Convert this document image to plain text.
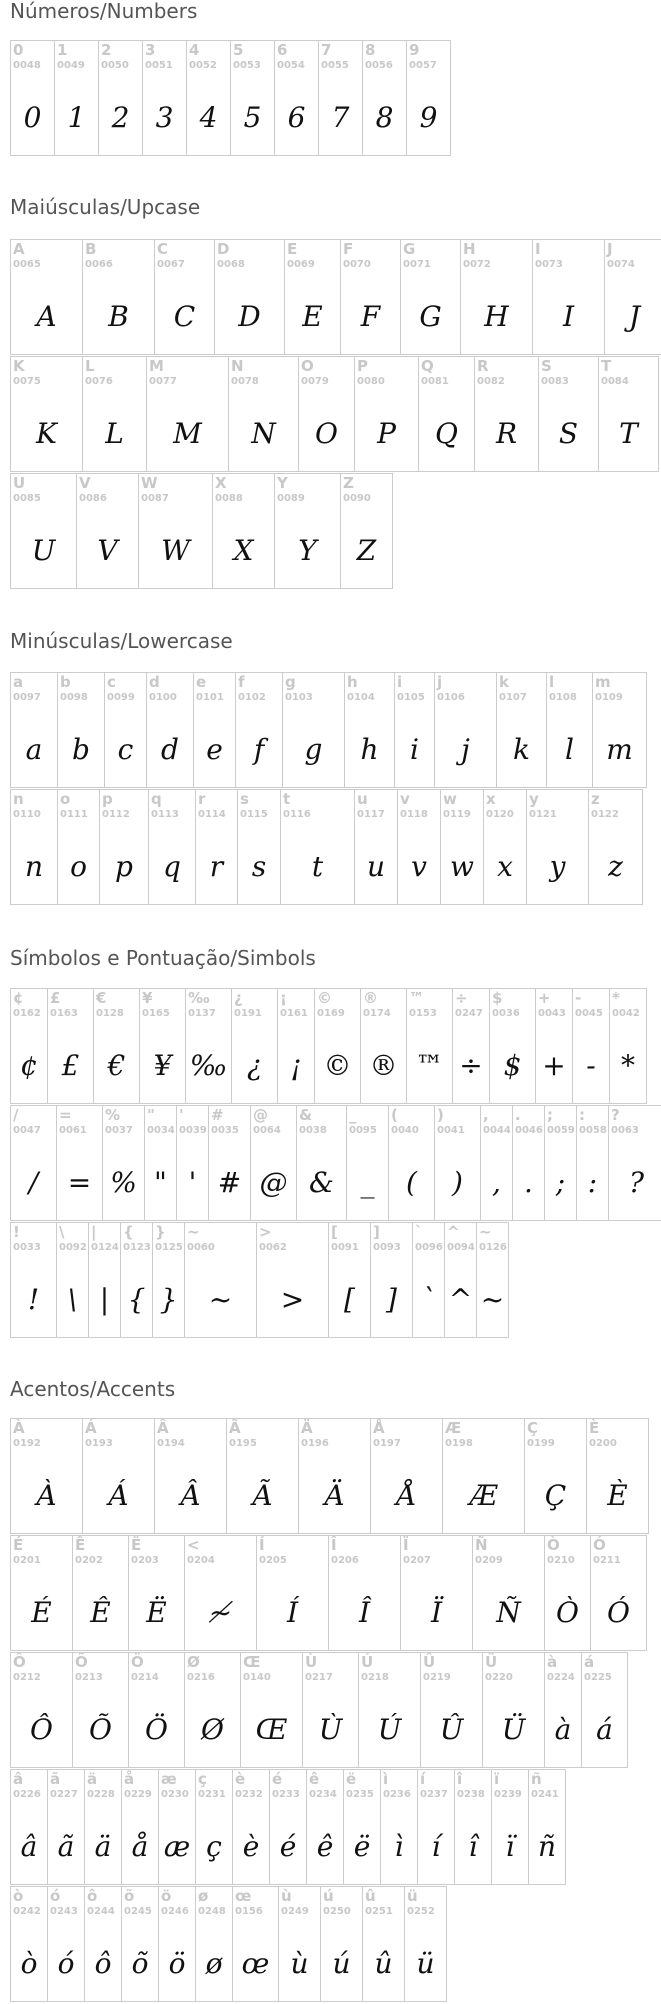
Números/Numbers
0
0048
0
1
0049
1
2
0050
2
3
0051
3
4
0052
4
5
0053
5
6
0054
6
7
0055
7
8
0056
8
9
0057
9
Maiúsculas/Upcase
A
0065
A
B
0066
B
C
0067
C
D
0068
D
E
0069
E
F
0070
F
G
0071
G
H
0072
H
I
0073
I
J
0074
J
K
0075
K
L
0076
L
M
0077
M
N
0078
N
O
0079
O
P
0080
P
Q
0081
Q
R
0082
R
S
0083
S
T
0084
T
U
0085
U
V
0086
V
W
0087
W
X
0088
X
Y
0089
Y
Z
0090
Z
Minúsculas/Lowercase
a
0097
a
b
0098
b
c
0099
c
d
0100
d
e
0101
e
f
0102
f
g
0103
g
h
0104
h
i
0105
i
j
0106
j
k
0107
k
l
0108
l
m
0109
m
n
0110
n
o
0111
o
p
0112
p
q
0113
q
r
0114
r
s
0115
s
t
0116
t
u
0117
u
v
0118
v
w
0119
w
x
0120
x
y
0121
y
z
0122
z
Símbolos e Pontuação/Simbols
¢
0162
¢
£
0163
£
€
0128
€
¥
0165
¥
‰
0137
‰
¿
0191
¿
¡
0161
¡
©
0169
©
®
0174
®
™
0153
™
÷
0247
÷
$
0036
$
+
0043
+
-
0045
-
*
0042
*
/
0047
/
=
0061
=
%
0037
%
"
0034
"
'
0039
'
#
0035
#
@
0064
@
&
0038
&
_
0095
_
(
0040
(
)
0041
)
,
0044
,
.
0046
.
;
0059
;
:
0058
:
?
0063
?
!
0033
!
\
0092
\
|
0124
|
{
0123
{
}
0125
}
~
0060
~
>
0062
>
[
0091
[
]
0093
]
`
0096
`
^
0094
^
~
0126
~
Acentos/Accents
À
0192
À
Á
0193
Á
Â
0194
Â
Ã
0195
Ã
Ä
0196
Ä
Å
0197
Å
Æ
0198
Æ
Ç
0199
Ç
È
0200
È
É
0201
É
Ê
0202
Ê
Ë
0203
Ë
<
0204
≁
Í
0205
Í
Î
0206
Î
Ï
0207
Ï
Ñ
0209
Ñ
Ò
0210
Ò
Ó
0211
Ó
Ô
0212
Ô
Õ
0213
Õ
Ö
0214
Ö
Ø
0216
Ø
Œ
0140
Œ
Ù
0217
Ù
Ú
0218
Ú
Û
0219
Û
Ü
0220
Ü
à
0224
à
á
0225
á
â
0226
â
ã
0227
ã
ä
0228
ä
å
0229
å
æ
0230
æ
ç
0231
ç
è
0232
è
é
0233
é
ê
0234
ê
ë
0235
ë
ì
0236
ì
í
0237
í
î
0238
î
ï
0239
ï
ñ
0241
ñ
ò
0242
ò
ó
0243
ó
ô
0244
ô
õ
0245
õ
ö
0246
ö
ø
0248
ø
œ
0156
œ
ù
0249
ù
ú
0250
ú
û
0251
û
ü
0252
ü
